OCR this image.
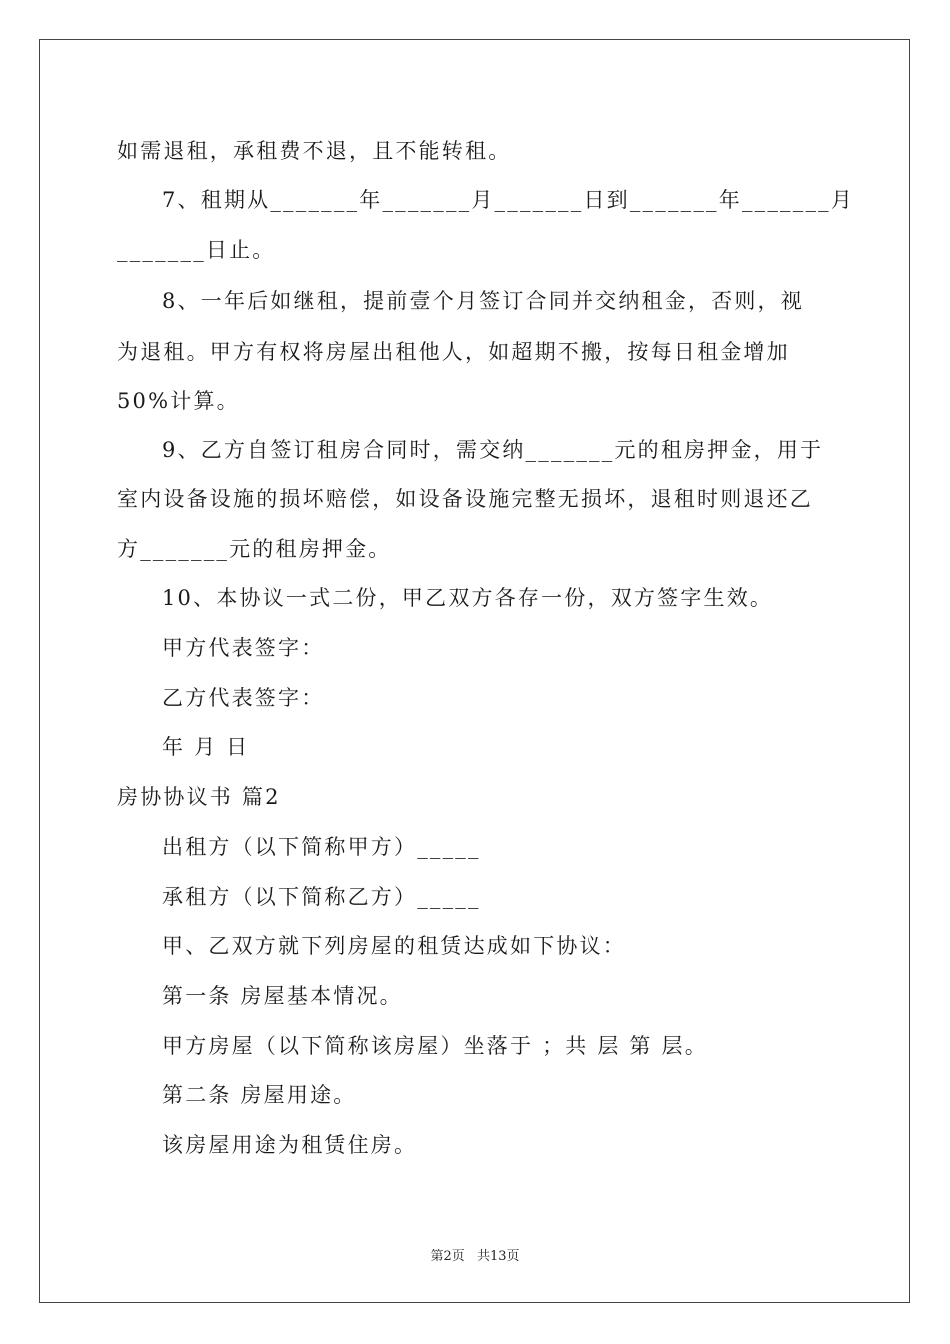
如需退租，承租费不退，且不能转租。
7、租期从_______年_______月_______日到_______年_______月
_______日止。
8、一年后如继租，提前壹个月签订合同并交纳租金，否则，视
为退租。甲方有权将房屋出租他人，如超期不搬，按每日租金增加
50%计算。
9、乙方自签订租房合同时，需交纳_______元的租房押金，用于
室内设备设施的损坏赔偿，如设备设施完整无损坏，退租时则退还乙
方_______元的租房押金。
10、本协议一式二份，甲乙双方各存一份，双方签字生效。
甲方代表签字：
乙方代表签字：
年 月 日
房协协议书 篇2
出租方（以下简称甲方）_____
承租方（以下简称乙方）_____
甲、乙双方就下列房屋的租赁达成如下协议：
第一条 房屋基本情况。
甲方房屋（以下简称该房屋）坐落于 ；共 层 第 层。
第二条 房屋用途。
该房屋用途为租赁住房。
第2页 共13页
